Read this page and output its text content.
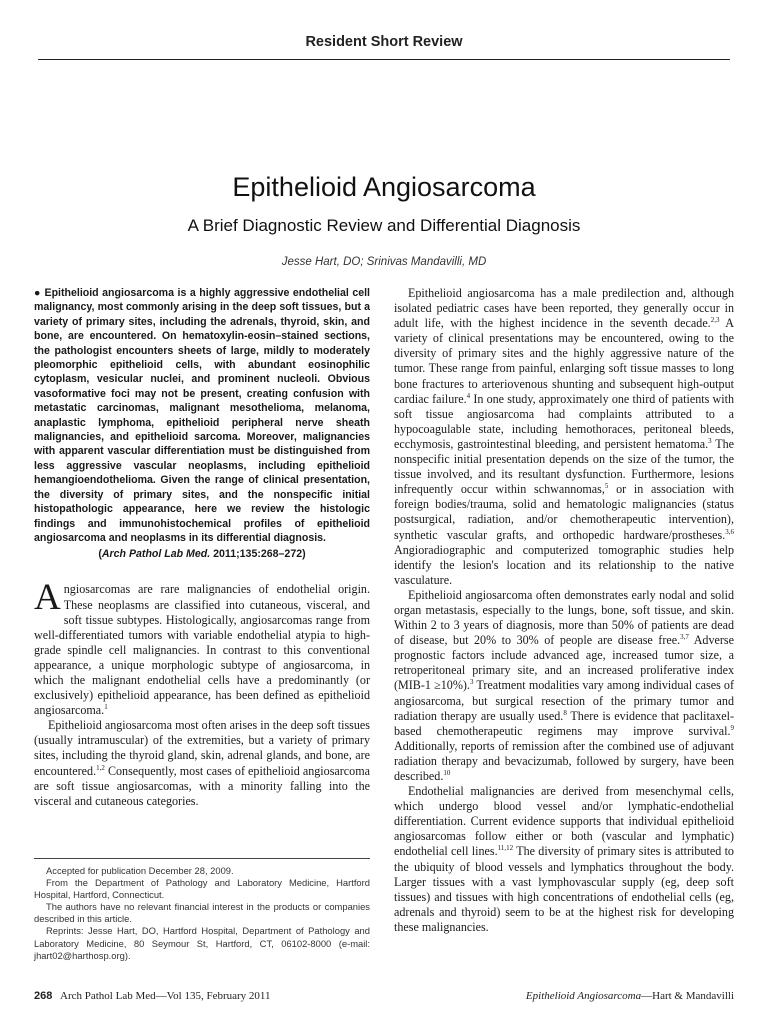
Resident Short Review
Epithelioid Angiosarcoma
A Brief Diagnostic Review and Differential Diagnosis
Jesse Hart, DO; Srinivas Mandavilli, MD

● Epithelioid angiosarcoma is a highly aggressive endothelial cell malignancy, most commonly arising in the deep soft tissues, but a variety of primary sites, including the adrenals, thyroid, skin, and bone, are encountered. On hematoxylin-eosin–stained sections, the pathologist encounters sheets of large, mildly to moderately pleomorphic epithelioid cells, with abundant eosinophilic cytoplasm, vesicular nuclei, and prominent nucleoli. Obvious vasoformative foci may not be present, creating confusion with metastatic carcinomas, malignant mesothelioma, melanoma, anaplastic lymphoma, epithelioid peripheral nerve sheath malignancies, and epithelioid sarcoma. Moreover, malignancies with apparent vascular differentiation must be distinguished from less aggressive vascular neoplasms, including epithelioid hemangioendothelioma. Given the range of clinical presentation, the diversity of primary sites, and the nonspecific initial histopathologic appearance, here we review the histologic findings and immunohistochemical profiles of epithelioid angiosarcoma and neoplasms in its differential diagnosis.

(Arch Pathol Lab Med. 2011;135:268–272)

Angiosarcomas are rare malignancies of endothelial origin. These neoplasms are classified into cutaneous, visceral, and soft tissue subtypes. Histologically, angiosarcomas range from well-differentiated tumors with variable endothelial atypia to high-grade spindle cell malignancies. In contrast to this conventional appearance, a unique morphologic subtype of angiosarcoma, in which the malignant endothelial cells have a predominantly (or exclusively) epithelioid appearance, has been defined as epithelioid angiosarcoma.$^1$

Epithelioid angiosarcoma most often arises in the deep soft tissues (usually intramuscular) of the extremities, but a variety of primary sites, including the thyroid gland, skin, adrenal glands, and bone, are encountered.$^{1,2}$ Consequently, most cases of epithelioid angiosarcoma are soft tissue angiosarcomas, with a minority falling into the visceral and cutaneous categories.

Epithelioid angiosarcoma has a male predilection and, although isolated pediatric cases have been reported, they generally occur in adult life, with the highest incidence in the seventh decade.$^{2,3}$ A variety of clinical presentations may be encountered, owing to the diversity of primary sites and the highly aggressive nature of the tumor. These range from painful, enlarging soft tissue masses to long bone fractures to arteriovenous shunting and subsequent high-output cardiac failure.$^4$ In one study, approximately one third of patients with soft tissue angiosarcoma had complaints attributed to a hypocoagulable state, including hemothoraces, peritoneal bleeds, ecchymosis, gastrointestinal bleeding, and persistent hematoma.$^3$ The nonspecific initial presentation depends on the size of the tumor, the tissue involved, and its resultant dysfunction. Furthermore, lesions infrequently occur within schwannomas,$^5$ or in association with foreign bodies/trauma, solid and hematologic malignancies (status postsurgical, radiation, and/or chemotherapeutic intervention), synthetic vascular grafts, and orthopedic hardware/prostheses.$^{3,6}$ Angioradiographic and computerized tomographic studies help identify the lesion's location and its relationship to the native vasculature.

Epithelioid angiosarcoma often demonstrates early nodal and solid organ metastasis, especially to the lungs, bone, soft tissue, and skin. Within 2 to 3 years of diagnosis, more than 50% of patients are dead of disease, but 20% to 30% of people are disease free.$^{3,7}$ Adverse prognostic factors include advanced age, increased tumor size, a retroperitoneal primary site, and an increased proliferative index (MIB-1 ≥10%).$^3$ Treatment modalities vary among individual cases of angiosarcoma, but surgical resection of the primary tumor and radiation therapy are usually used.$^8$ There is evidence that paclitaxel-based chemotherapeutic regimens may improve survival.$^9$ Additionally, reports of remission after the combined use of adjuvant radiation therapy and bevacizumab, followed by surgery, have been described.$^{10}$

Endothelial malignancies are derived from mesenchymal cells, which undergo blood vessel and/or lymphatic-endothelial differentiation. Current evidence supports that individual epithelioid angiosarcomas follow either or both (vascular and lymphatic) endothelial cell lines.$^{11,12}$ The diversity of primary sites is attributed to the ubiquity of blood vessels and lymphatics throughout the body. Larger tissues with a vast lymphovascular supply (eg, deep soft tissues) and tissues with high concentrations of endothelial cells (eg, adrenals and thyroid) seem to be at the highest risk for developing these malignancies.

Accepted for publication December 28, 2009.

From the Department of Pathology and Laboratory Medicine, Hartford Hospital, Hartford, Connecticut.

The authors have no relevant financial interest in the products or companies described in this article.

Reprints: Jesse Hart, DO, Hartford Hospital, Department of Pathology and Laboratory Medicine, 80 Seymour St, Hartford, CT, 06102-8000 (e-mail: jhart02@harthosp.org).

268 Arch Pathol Lab Med—Vol 135, February 2011	Epithelioid Angiosarcoma—Hart & Mandavilli
